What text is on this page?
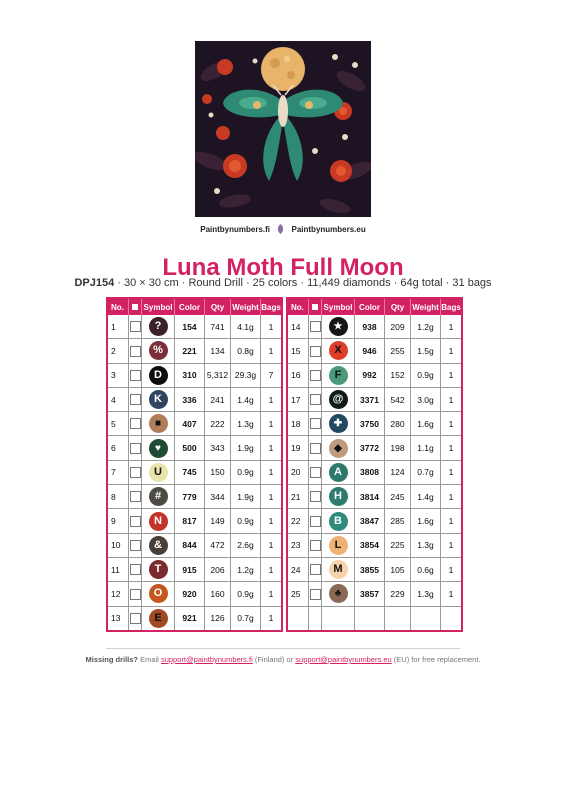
Paintbynumbers.fi	Paintbynumbers.eu
Luna Moth Full Moon
DPJ154 · 30 × 30 cm · Round Drill · 25 colors · 11,449 diamonds · 64g total · 31 bags
No.		Symbol	Color	Qty	Weight	Bags
1		?	154	741	4.1g	1
2		%	221	134	0.8g	1
3		D	310	5,312	29.3g	7
4		K	336	241	1.4g	1
5		■	407	222	1.3g	1
6		♥	500	343	1.9g	1
7		U	745	150	0.9g	1
8		#	779	344	1.9g	1
9		N	817	149	0.9g	1
10		&	844	472	2.6g	1
11		T	915	206	1.2g	1
12		O	920	160	0.9g	1
13		E	921	126	0.7g	1
No.		Symbol	Color	Qty	Weight	Bags
14		★	938	209	1.2g	1
15		X	946	255	1.5g	1
16		F	992	152	0.9g	1
17		@	3371	542	3.0g	1
18		✚	3750	280	1.6g	1
19		◆	3772	198	1.1g	1
20		A	3808	124	0.7g	1
21		H	3814	245	1.4g	1
22		B	3847	285	1.6g	1
23		L	3854	225	1.3g	1
24		M	3855	105	0.6g	1
25		♣	3857	229	1.3g	1

Missing drills? Email support@paintbynumbers.fi (Finland) or support@paintbynumbers.eu (EU) for free replacement.
